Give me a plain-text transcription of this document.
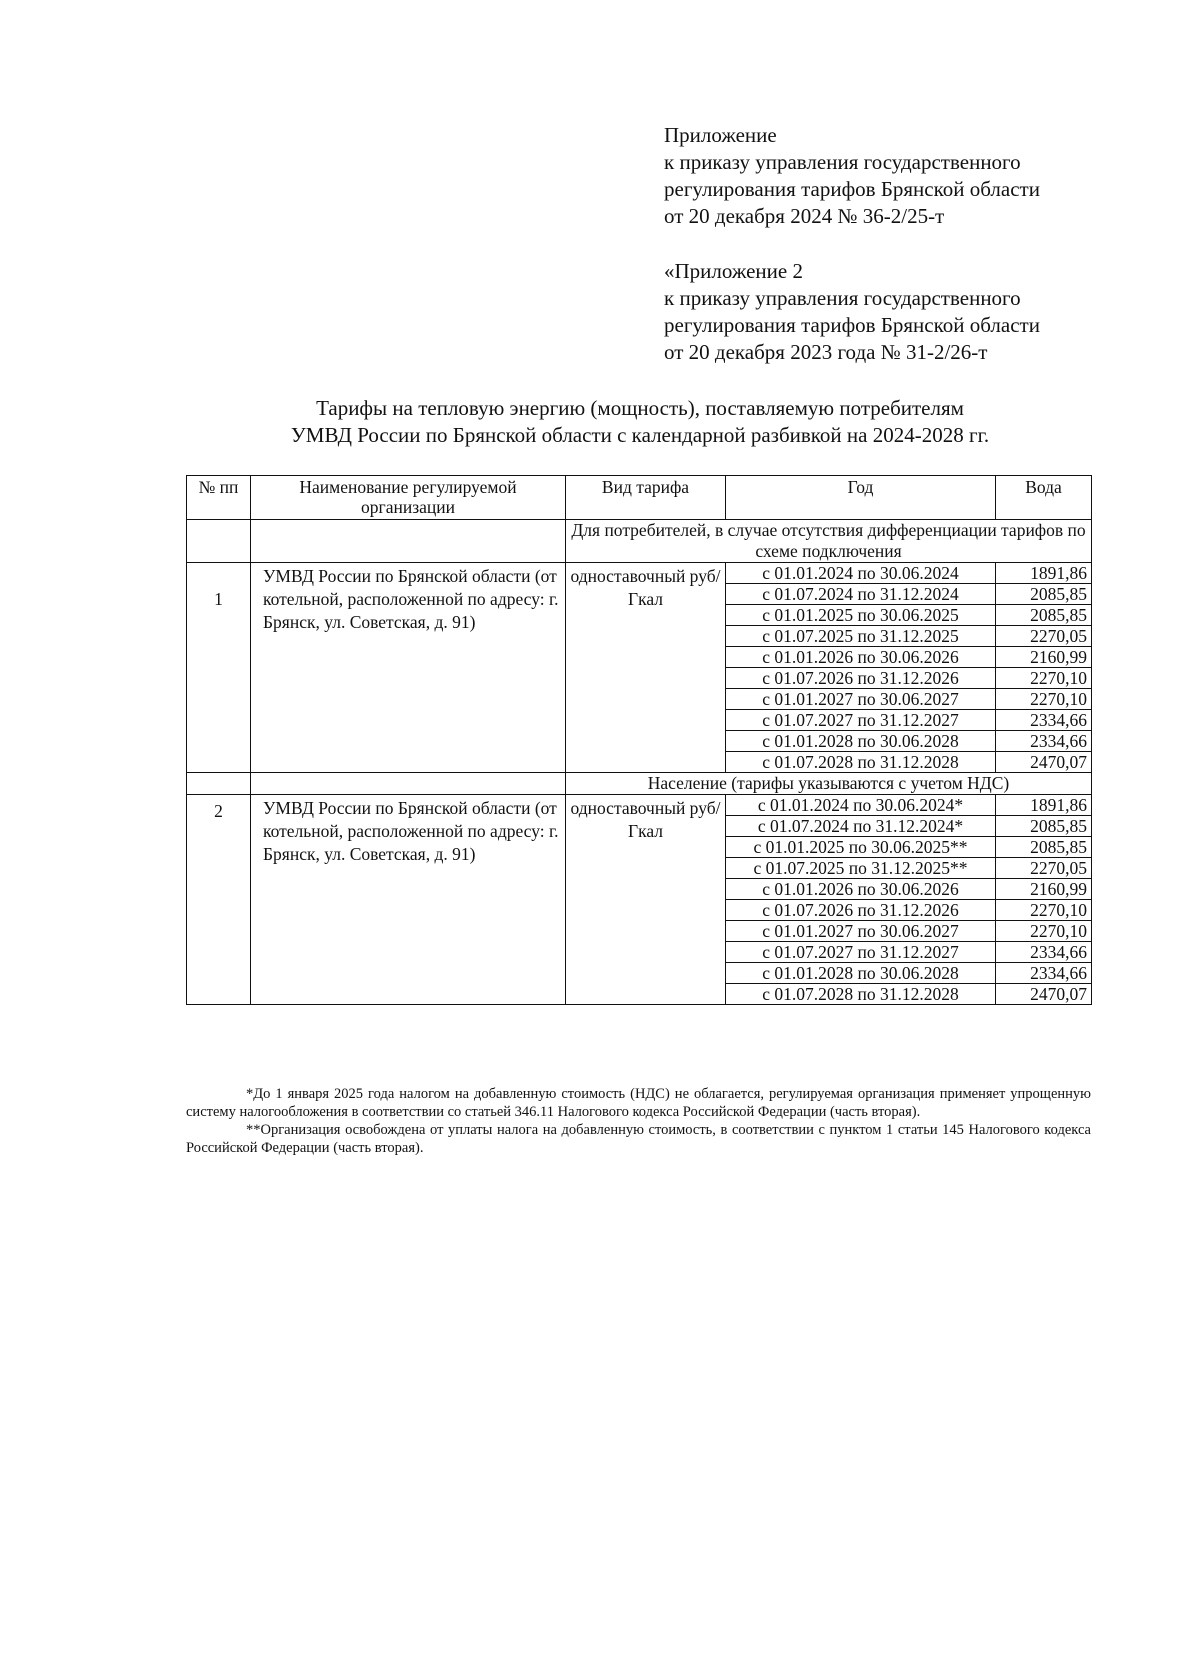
Приложение
к приказу управления государственного
регулирования тарифов Брянской области
от 20 декабря 2024 № 36-2/25-т
«Приложение 2
к приказу управления государственного
регулирования тарифов Брянской области
от 20 декабря 2023 года № 31-2/26-т
Тарифы на тепловую энергию (мощность), поставляемую потребителям
УМВД России по Брянской области с календарной разбивкой на 2024-2028 гг.
№ пп	Наименование регулируемой организации	Вид тарифа	Год	Вода
		Для потребителей, в случае отсутствия дифференциации тарифов по схеме подключения		
1	УМВД России по Брянской области (от котельной, расположенной по адресу: г. Брянск, ул. Советская, д. 91)	одноставочный руб/Гкал	с 01.01.2024 по 30.06.2024	1891,86
			с 01.07.2024 по 31.12.2024	2085,85
			с 01.01.2025 по 30.06.2025	2085,85
			с 01.07.2025 по 31.12.2025	2270,05
			с 01.01.2026 по 30.06.2026	2160,99
			с 01.07.2026 по 31.12.2026	2270,10
			с 01.01.2027 по 30.06.2027	2270,10
			с 01.07.2027 по 31.12.2027	2334,66
			с 01.01.2028 по 30.06.2028	2334,66
			с 01.07.2028 по 31.12.2028	2470,07
		Население (тарифы указываются с учетом НДС)		
2	УМВД России по Брянской области (от котельной, расположенной по адресу: г. Брянск, ул. Советская, д. 91)	одноставочный руб/Гкал	с 01.01.2024 по 30.06.2024*	1891,86
			с 01.07.2024 по 31.12.2024*	2085,85
			с 01.01.2025 по 30.06.2025**	2085,85
			с 01.07.2025 по 31.12.2025**	2270,05
			с 01.01.2026 по 30.06.2026	2160,99
			с 01.07.2026 по 31.12.2026	2270,10
			с 01.01.2027 по 30.06.2027	2270,10
			с 01.07.2027 по 31.12.2027	2334,66
			с 01.01.2028 по 30.06.2028	2334,66
			с 01.07.2028 по 31.12.2028	2470,07

*До 1 января 2025 года налогом на добавленную стоимость (НДС) не облагается, регулируемая организация применяет упрощенную систему налогообложения в соответствии со статьей 346.11 Налогового кодекса Российской Федерации (часть вторая).

**Организация освобождена от уплаты налога на добавленную стоимость, в соответствии с пунктом 1 статьи 145 Налогового кодекса Российской Федерации (часть вторая).
